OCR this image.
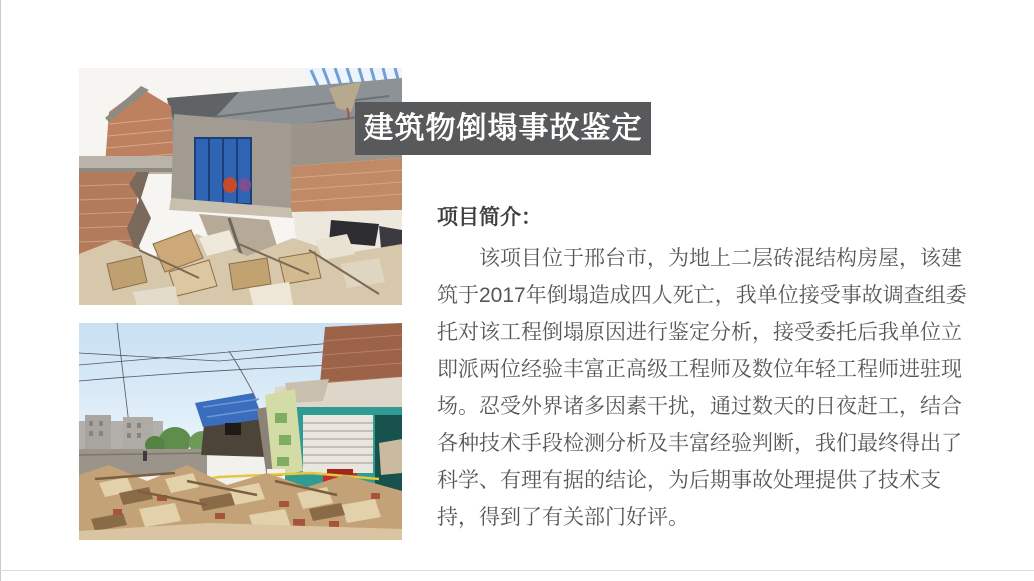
建筑物倒塌事故鉴定
项目简介：

该项目位于邢台市，为地上二层砖混结构房屋，该建筑于2017年倒塌造成四人死亡，我单位接受事故调查组委托对该工程倒塌原因进行鉴定分析，接受委托后我单位立即派两位经验丰富正高级工程师及数位年轻工程师进驻现场。忍受外界诸多因素干扰，通过数天的日夜赶工，结合各种技术手段检测分析及丰富经验判断，我们最终得出了科学、有理有据的结论，为后期事故处理提供了技术支持，得到了有关部门好评。
